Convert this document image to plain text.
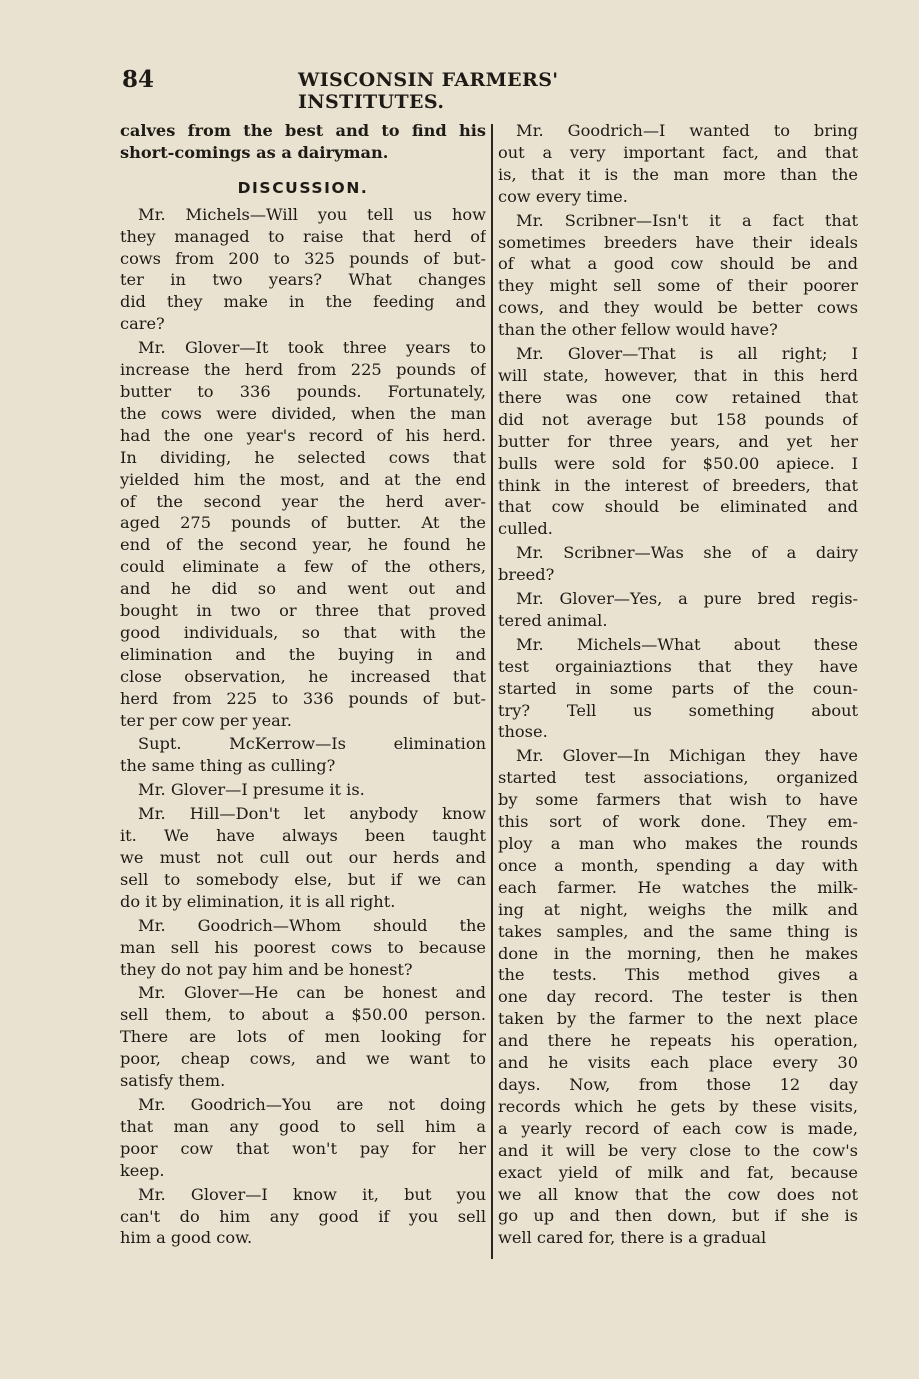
84	WISCONSIN FARMERS' INSTITUTES.
calves from the best and to find his
short-comings as a dairyman.
DISCUSSION.
Mr. Michels—Will you tell us how
they managed to raise that herd of
cows from 200 to 325 pounds of but-
ter in two years? What changes
did they make in the feeding and
care?
Mr. Glover—It took three years to
increase the herd from 225 pounds of
butter to 336 pounds. Fortunately,
the cows were divided, when the man
had the one year's record of his herd.
In dividing, he selected cows that
yielded him the most, and at the end
of the second year the herd aver-
aged 275 pounds of butter. At the
end of the second year, he found he
could eliminate a few of the others,
and he did so and went out and
bought in two or three that proved
good individuals, so that with the
elimination and the buying in and
close observation, he increased that
herd from 225 to 336 pounds of but-
ter per cow per year.
Supt. McKerrow—Is elimination
the same thing as culling?
Mr. Glover—I presume it is.
Mr. Hill—Don't let anybody know
it. We have always been taught
we must not cull out our herds and
sell to somebody else, but if we can
do it by elimination, it is all right.
Mr. Goodrich—Whom should the
man sell his poorest cows to because
they do not pay him and be honest?
Mr. Glover—He can be honest and
sell them, to about a $50.00 person.
There are lots of men looking for
poor, cheap cows, and we want to
satisfy them.
Mr. Goodrich—You are not doing
that man any good to sell him a
poor cow that won't pay for her
keep.
Mr. Glover—I know it, but you
can't do him any good if you sell
him a good cow.
Mr. Goodrich—I wanted to bring
out a very important fact, and that
is, that it is the man more than the
cow every time.
Mr. Scribner—Isn't it a fact that
sometimes breeders have their ideals
of what a good cow should be and
they might sell some of their poorer
cows, and they would be better cows
than the other fellow would have?
Mr. Glover—That is all right; I
will state, however, that in this herd
there was one cow retained that
did not average but 158 pounds of
butter for three years, and yet her
bulls were sold for $50.00 apiece. I
think in the interest of breeders, that
that cow should be eliminated and
culled.
Mr. Scribner—Was she of a dairy
breed?
Mr. Glover—Yes, a pure bred regis-
tered animal.
Mr. Michels—What about these
test orgainiaztions that they have
started in some parts of the coun-
try? Tell us something about
those.
Mr. Glover—In Michigan they have
started test associations, organized
by some farmers that wish to have
this sort of work done. They em-
ploy a man who makes the rounds
once a month, spending a day with
each farmer. He watches the milk-
ing at night, weighs the milk and
takes samples, and the same thing is
done in the morning, then he makes
the tests. This method gives a
one day record. The tester is then
taken by the farmer to the next place
and there he repeats his operation,
and he visits each place every 30
days. Now, from those 12 day
records which he gets by these visits,
a yearly record of each cow is made,
and it will be very close to the cow's
exact yield of milk and fat, because
we all know that the cow does not
go up and then down, but if she is
well cared for, there is a gradual
